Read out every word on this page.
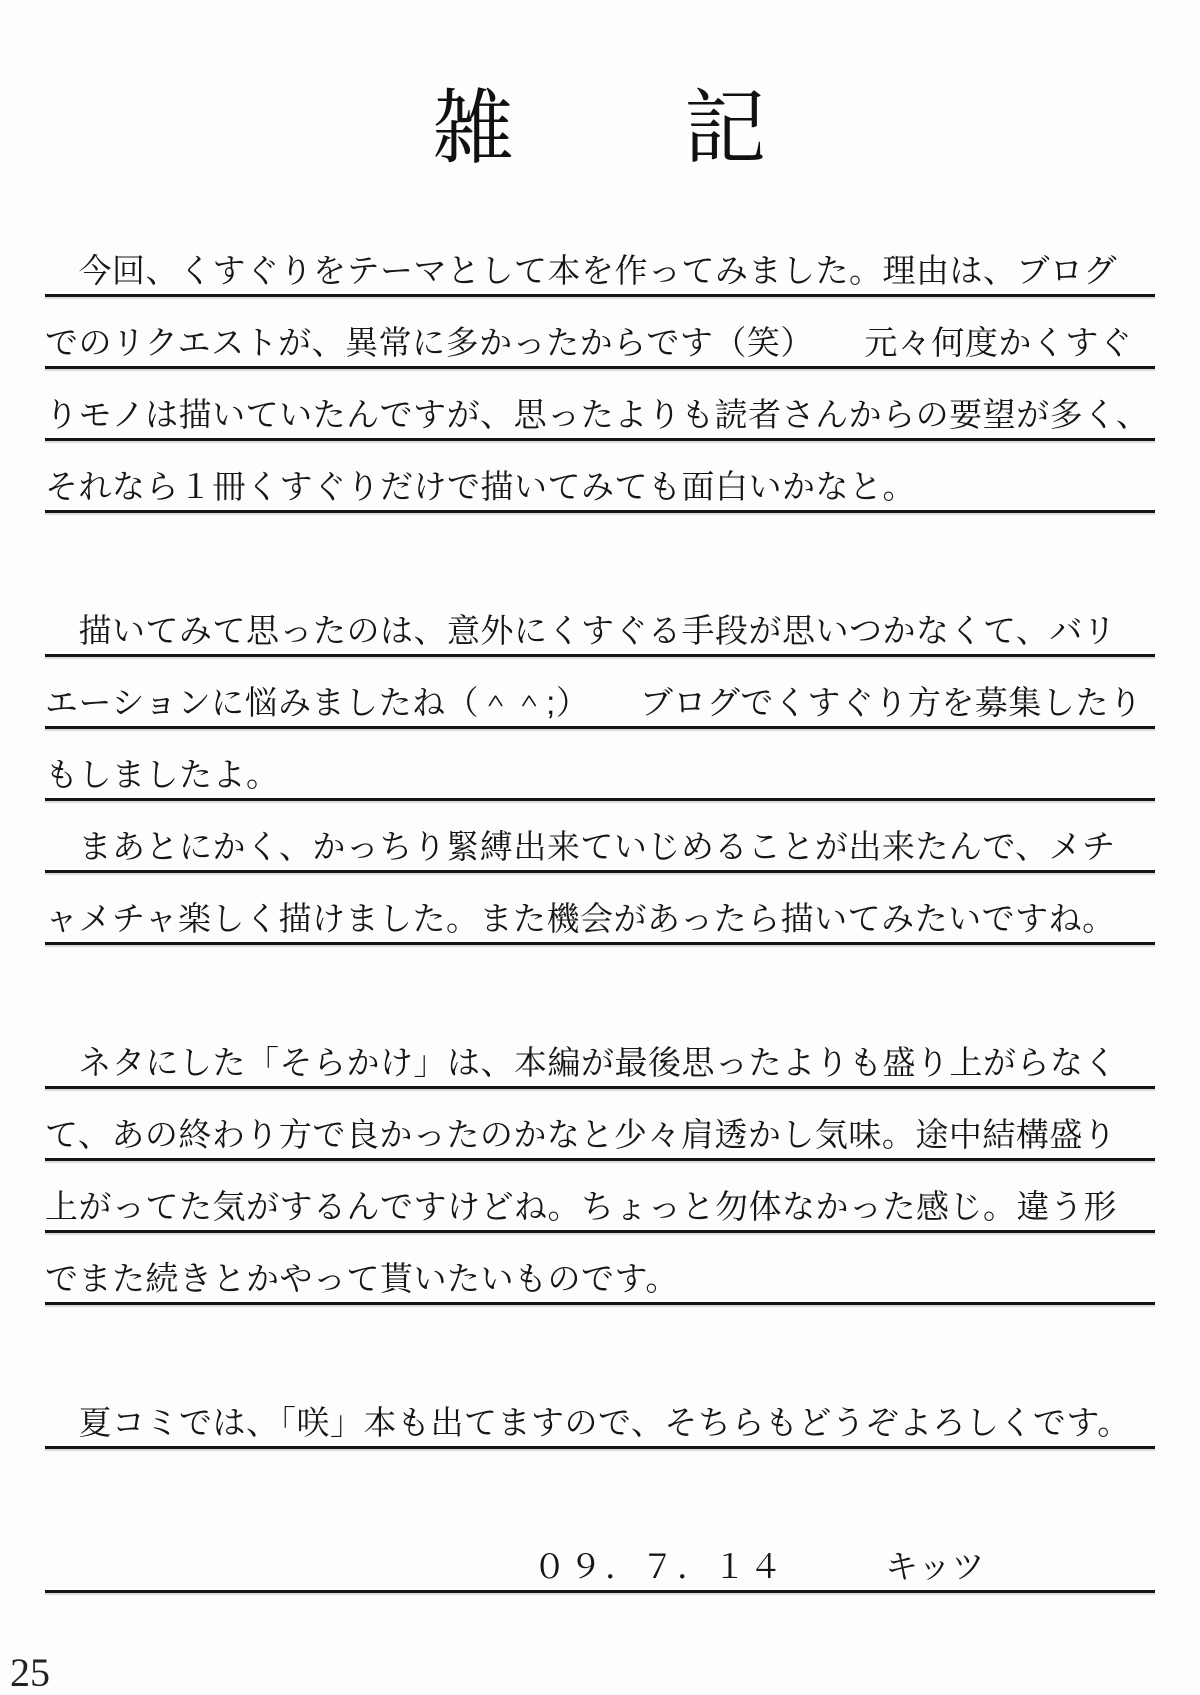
雑　　記
　今回、くすぐりをテーマとして本を作ってみました。理由は、ブログ
でのリクエストが、異常に多かったからです（笑）　　元々何度かくすぐ
りモノは描いていたんですが、思ったよりも読者さんからの要望が多く、
それなら１冊くすぐりだけで描いてみても面白いかなと。
　描いてみて思ったのは、意外にくすぐる手段が思いつかなくて、バリ
エーションに悩みましたね（＾＾;）　　ブログでくすぐり方を募集したり
もしましたよ。
　まあとにかく、かっちり緊縛出来ていじめることが出来たんで、メチ
ャメチャ楽しく描けました。また機会があったら描いてみたいですね。
　ネタにした「そらかけ」は、本編が最後思ったよりも盛り上がらなく
て、あの終わり方で良かったのかなと少々肩透かし気味。途中結構盛り
上がってた気がするんですけどね。ちょっと勿体なかった感じ。違う形
でまた続きとかやって貰いたいものです。
　夏コミでは、「咲」本も出てますので、そちらもどうぞよろしくです。
０９．７．１４	キッツ
25
